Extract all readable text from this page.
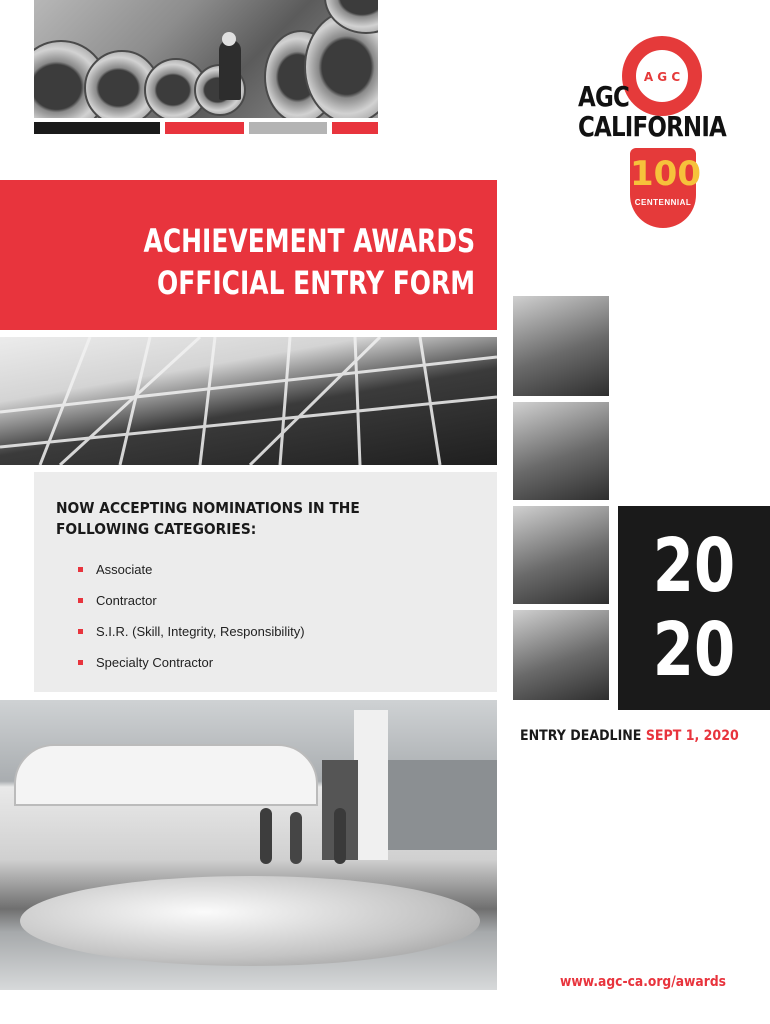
A G C
AGC
CALIFORNIA
100
CENTENNIAL
ACHIEVEMENT AWARDS
OFFICIAL ENTRY FORM
NOW ACCEPTING NOMINATIONS IN THE FOLLOWING CATEGORIES:
Associate
Contractor
S.I.R. (Skill, Integrity, Responsibility)
Specialty Contractor
20
20
ENTRY DEADLINE SEPT 1, 2020
www.agc-ca.org/awards
